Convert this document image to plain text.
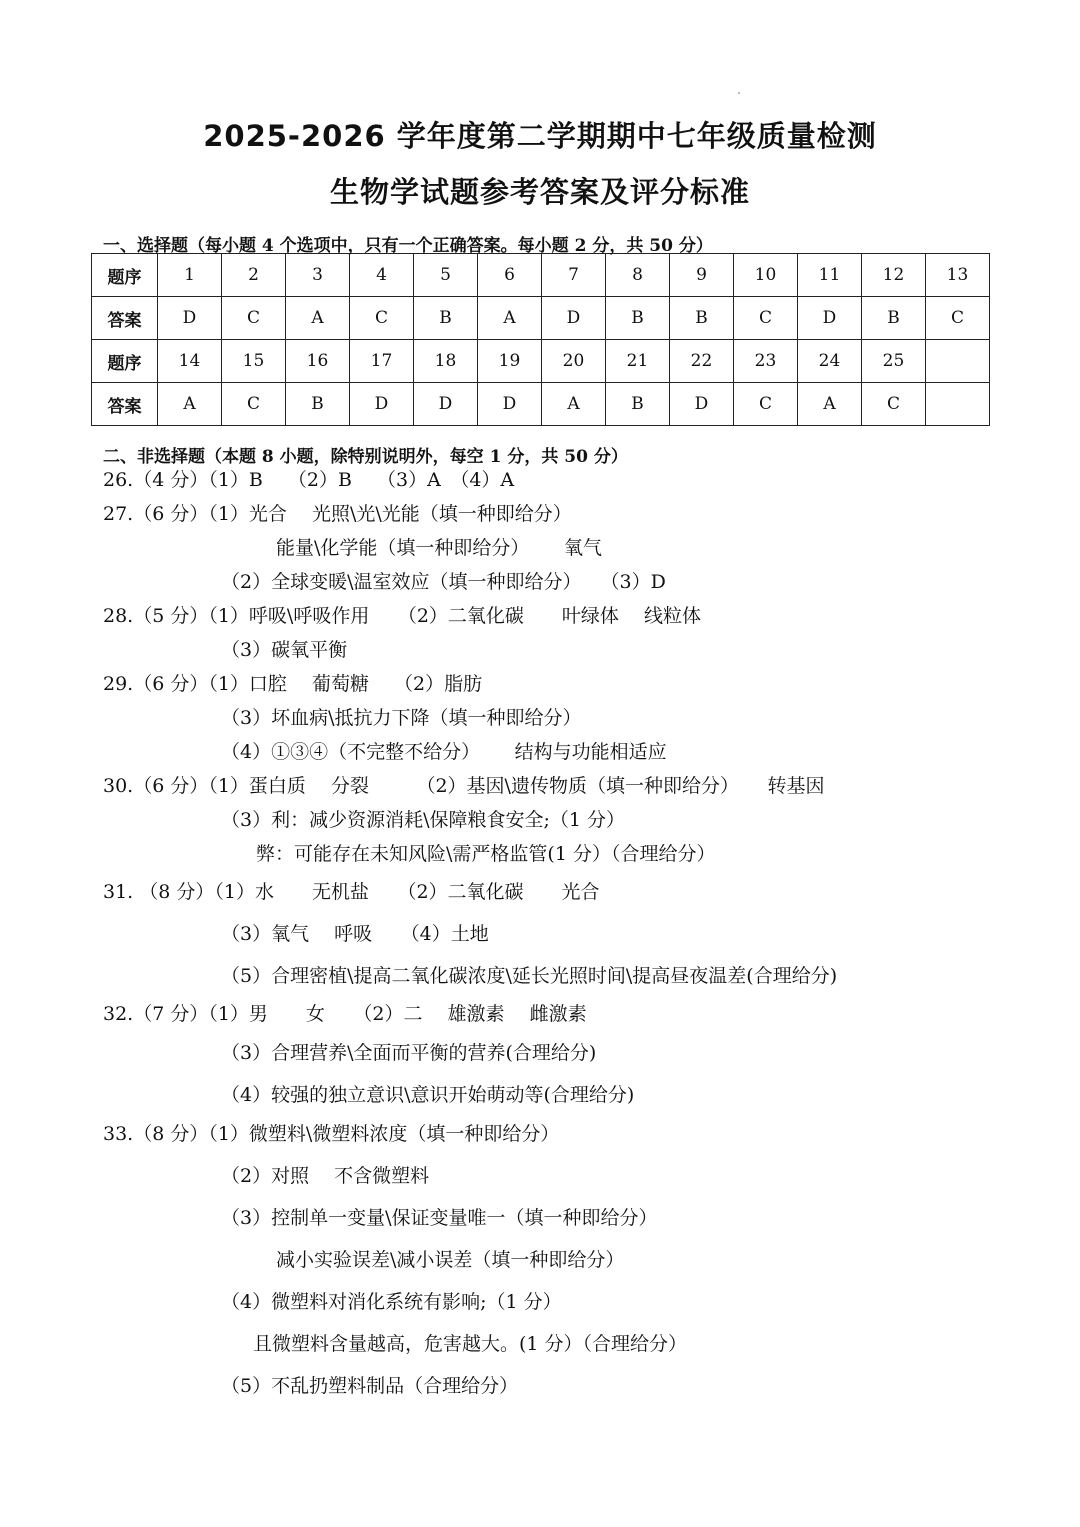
2025-2026 学年度第二学期期中七年级质量检测
生物学试题参考答案及评分标准
一、选择题（每小题 4 个选项中，只有一个正确答案。每小题 2 分，共 50 分）
题序	1	2	3	4	5	6	7	8	9	10	11	12	13
答案	D	C	A	C	B	A	D	B	B	C	D	B	C
题序	14	15	16	17	18	19	20	21	22	23	24	25	
答案	A	C	B	D	D	D	A	B	D	C	A	C	
二、非选择题（本题 8 小题，除特别说明外，每空 1 分，共 50 分）
26.（4 分）（1）B　 （2）B　 （3）A　（4）A
27.（6 分）（1）光合　 光照\光\光能（填一种即给分）
能量\化学能（填一种即给分）　　 氧气
（2）全球变暖\温室效应（填一种即给分）　　（3）D
28.（5 分）（1）呼吸\呼吸作用　　（2）二氧化碳　　叶绿体　 线粒体
（3）碳氧平衡
29.（6 分）（1）口腔　 葡萄糖　 （2）脂肪
（3）坏血病\抵抗力下降（填一种即给分）
（4）①③④（不完整不给分）　　 结构与功能相适应
30.（6 分）（1）蛋白质　 分裂　　　（2）基因\遗传物质（填一种即给分）　　转基因
（3）利：减少资源消耗\保障粮食安全;（1 分）
弊：可能存在未知风险\需严格监管(1 分）（合理给分）
31. （8 分）（1）水　　无机盐　　（2）二氧化碳　　光合
（3）氧气　 呼吸　　（4）土地
（5）合理密植\提高二氧化碳浓度\延长光照时间\提高昼夜温差(合理给分)
32.（7 分）（1）男　　女　　（2）二　 雄激素　 雌激素
（3）合理营养\全面而平衡的营养(合理给分)
（4）较强的独立意识\意识开始萌动等(合理给分)
33.（8 分）（1）微塑料\微塑料浓度（填一种即给分）
（2）对照　 不含微塑料
（3）控制单一变量\保证变量唯一（填一种即给分）
减小实验误差\减小误差（填一种即给分）
（4）微塑料对消化系统有影响;（1 分）
且微塑料含量越高，危害越大。(1 分）（合理给分）
（5）不乱扔塑料制品（合理给分）
